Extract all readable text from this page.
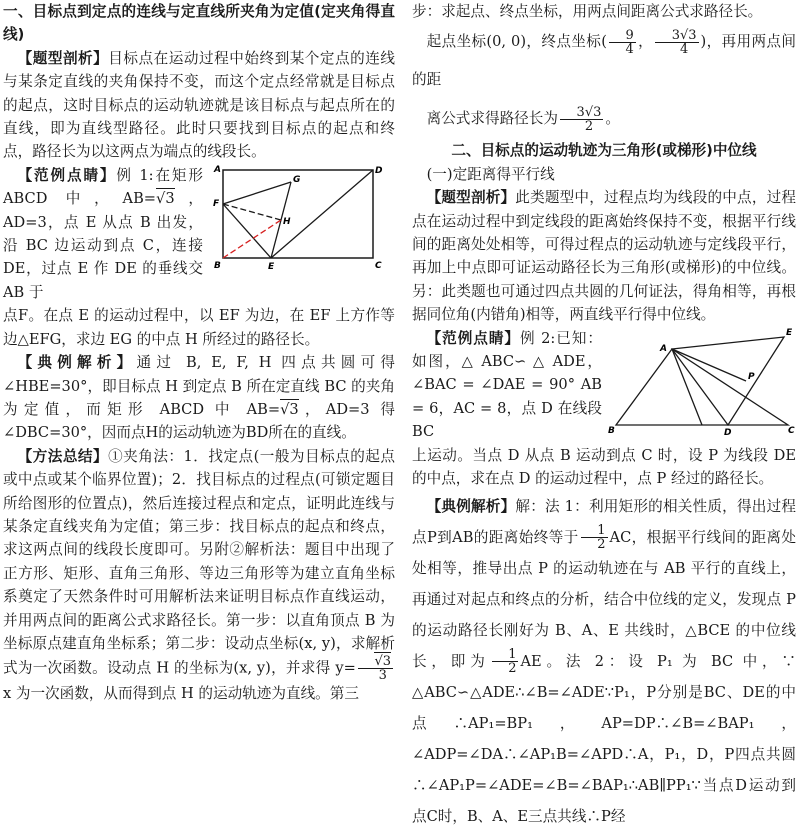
一、目标点到定点的连线与定直线所夹角为定值(定夹角得直线)

【题型剖析】目标点在运动过程中始终到某个定点的连线与某条定直线的夹角保持不变，而这个定点经常就是目标点的起点，这时目标点的运动轨迹就是该目标点与起点所在的直线，即为直线型路径。此时只要找到目标点的起点和终点，路径长为以这两点为端点的线段长。

【范例点睛】例 1:在矩形 ABCD 中，AB=√3，AD=3，点 E 从点 B 出发，沿 BC 边运动到点 C，连接 DE，过点 E 作 DE 的垂线交 AB 于

A	D
F
G
H
B	E	C

点F。在点 E 的运动过程中，以 EF 为边，在 EF 上方作等边△EFG，求边 EG 的中点 H 所经过的路径长。

【典例解析】通过 B, E, F, H 四点共圆可得∠HBE=30°，即目标点 H 到定点 B 所在定直线 BC 的夹角为定值，而矩形 ABCD 中 AB=√3，AD=3 得∠DBC=30°，因而点H的运动轨迹为BD所在的直线。

【方法总结】①夹角法：1．找定点(一般为目标点的起点或中点或某个临界位置)；2．找目标点的过程点(可锁定题目所给图形的位置点)，然后连接过程点和定点，证明此连线与某条定直线夹角为定值；第三步：找目标点的起点和终点，求这两点间的线段长度即可。另附②解析法：题目中出现了正方形、矩形、直角三角形、等边三角形等为建立直角坐标系奠定了天然条件时可用解析法来证明目标点作直线运动，并用两点间的距离公式求路径长。第一步：以直角顶点 B 为坐标原点建直角坐标系；第二步：设动点坐标(x, y)，求解析式为一次函数。设动点 H 的坐标为(x, y)，并求得 $y= \frac{√3}{3}$
x 为一次函数，从而得到点 H 的运动轨迹为直线。第三

步：求起点、终点坐标，用两点间距离公式求路径长。

起点坐标(0, 0)，终点坐标( $\frac{9}{4}$ ， $\frac{3√3}{4}$ )，再用两点间的距

离公式求得路径长为 $\frac{3√3}{2}$ 。

二、目标点的运动轨迹为三角形(或梯形)中位线

(一)定距离得平行线

【题型剖析】此类题型中，过程点均为线段的中点，过程点在运动过程中到定线段的距离始终保持不变，根据平行线间的距离处处相等，可得过程点的运动轨迹与定线段平行，再加上中点即可证运动路径长为三角形(或梯形)的中位线。另：此类题也可通过四点共圆的几何证法，得角相等，再根据同位角(内错角)相等，两直线平行得中位线。

【范例点睛】例 2:已知：如图，△ ABC∽ △ ADE，∠BAC = ∠DAE = 90° AB = 6，AC = 8，点 D 在线段 BC

A
E
P
B	D	C

上运动。当点 D 从点 B 运动到点 C 时，设 P 为线段 DE 的中点，求在点 D 的运动过程中，点 P 经过的路径长。

【典例解析】解：法 1：利用矩形的相关性质，得出过程点P到AB的距离始终等于 $\frac{1}{2}$ AC，根据平行线间的距离处处相等，推导出点 P 的运动轨迹在与 AB 平行的直线上，再通过对起点和终点的分析，结合中位线的定义，发现点 P 的运动路径长刚好为 B、A、E 共线时，△BCE 的中位线长，即为 $\frac{1}{2}$ AE。法 2：设 P₁ 为 BC 中，∵ △ABC∽△ADE∴∠B=∠ADE∵P₁，P分别是BC、DE的中点∴AP₁=BP₁，AP=DP∴∠B=∠BAP₁，∠ADP=∠DA∴∠AP₁B=∠APD∴A，P₁，D，P四点共圆∴∠AP₁P=∠ADE=∠B=∠BAP₁∴AB∥PP₁∵当点D运动到点C时，B、A、E三点共线∴P经
